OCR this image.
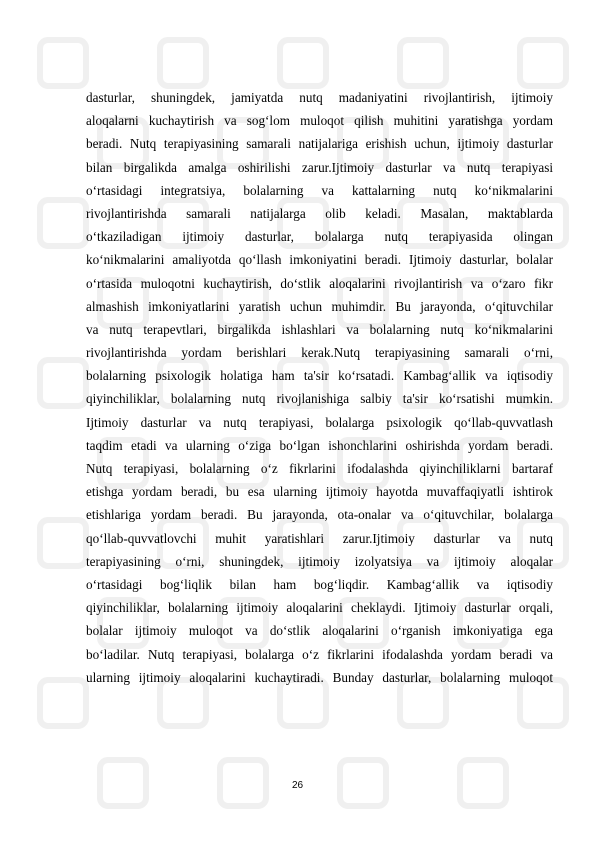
dasturlar, shuningdek, jamiyatda nutq madaniyatini rivojlantirish, ijtimoiy
aloqalarni kuchaytirish va sog‘lom muloqot qilish muhitini yaratishga yordam
beradi. Nutq terapiyasining samarali natijalariga erishish uchun, ijtimoiy dasturlar
bilan birgalikda amalga oshirilishi zarur.Ijtimoiy dasturlar va nutq terapiyasi
o‘rtasidagi integratsiya, bolalarning va kattalarning nutq ko‘nikmalarini
rivojlantirishda samarali natijalarga olib keladi. Masalan, maktablarda
o‘tkaziladigan ijtimoiy dasturlar, bolalarga nutq terapiyasida olingan
ko‘nikmalarini amaliyotda qo‘llash imkoniyatini beradi. Ijtimoiy dasturlar, bolalar
o‘rtasida muloqotni kuchaytirish, do‘stlik aloqalarini rivojlantirish va o‘zaro fikr
almashish imkoniyatlarini yaratish uchun muhimdir. Bu jarayonda, o‘qituvchilar
va nutq terapevtlari, birgalikda ishlashlari va bolalarning nutq ko‘nikmalarini
rivojlantirishda yordam berishlari kerak.Nutq terapiyasining samarali o‘rni,
bolalarning psixologik holatiga ham ta'sir ko‘rsatadi. Kambag‘allik va iqtisodiy
qiyinchiliklar, bolalarning nutq rivojlanishiga salbiy ta'sir ko‘rsatishi mumkin.
Ijtimoiy dasturlar va nutq terapiyasi, bolalarga psixologik qo‘llab-quvvatlash
taqdim etadi va ularning o‘ziga bo‘lgan ishonchlarini oshirishda yordam beradi.
Nutq terapiyasi, bolalarning o‘z fikrlarini ifodalashda qiyinchiliklarni bartaraf
etishga yordam beradi, bu esa ularning ijtimoiy hayotda muvaffaqiyatli ishtirok
etishlariga yordam beradi. Bu jarayonda, ota-onalar va o‘qituvchilar, bolalarga
qo‘llab-quvvatlovchi muhit yaratishlari zarur.Ijtimoiy dasturlar va nutq
terapiyasining o‘rni, shuningdek, ijtimoiy izolyatsiya va ijtimoiy aloqalar
o‘rtasidagi bog‘liqlik bilan ham bog‘liqdir. Kambag‘allik va iqtisodiy
qiyinchiliklar, bolalarning ijtimoiy aloqalarini cheklaydi. Ijtimoiy dasturlar orqali,
bolalar ijtimoiy muloqot va do‘stlik aloqalarini o‘rganish imkoniyatiga ega
bo‘ladilar. Nutq terapiyasi, bolalarga o‘z fikrlarini ifodalashda yordam beradi va
ularning ijtimoiy aloqalarini kuchaytiradi. Bunday dasturlar, bolalarning muloqot
26
